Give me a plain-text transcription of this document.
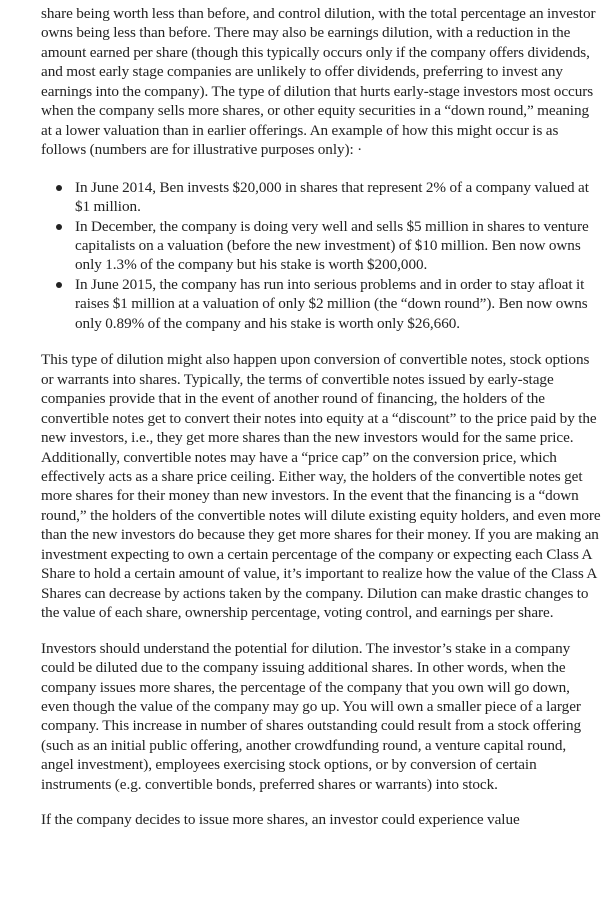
share being worth less than before, and control dilution, with the total percentage an investor owns being less than before. There may also be earnings dilution, with a reduction in the amount earned per share (though this typically occurs only if the company offers dividends, and most early stage companies are unlikely to offer dividends, preferring to invest any earnings into the company). The type of dilution that hurts early-stage investors most occurs when the company sells more shares, or other equity securities in a “down round,” meaning at a lower valuation than in earlier offerings. An example of how this might occur is as follows (numbers are for illustrative purposes only): ·

In June 2014, Ben invests $20,000 in shares that represent 2% of a company valued at $1 million.
In December, the company is doing very well and sells $5 million in shares to venture capitalists on a valuation (before the new investment) of $10 million. Ben now owns only 1.3% of the company but his stake is worth $200,000.
In June 2015, the company has run into serious problems and in order to stay afloat it raises $1 million at a valuation of only $2 million (the “down round”). Ben now owns only 0.89% of the company and his stake is worth only $26,660.

This type of dilution might also happen upon conversion of convertible notes, stock options or warrants into shares. Typically, the terms of convertible notes issued by early-stage companies provide that in the event of another round of financing, the holders of the convertible notes get to convert their notes into equity at a “discount” to the price paid by the new investors, i.e., they get more shares than the new investors would for the same price. Additionally, convertible notes may have a “price cap” on the conversion price, which effectively acts as a share price ceiling. Either way, the holders of the convertible notes get more shares for their money than new investors. In the event that the financing is a “down round,” the holders of the convertible notes will dilute existing equity holders, and even more than the new investors do because they get more shares for their money. If you are making an investment expecting to own a certain percentage of the company or expecting each Class A Share to hold a certain amount of value, it’s important to realize how the value of the Class A Shares can decrease by actions taken by the company. Dilution can make drastic changes to the value of each share, ownership percentage, voting control, and earnings per share.

Investors should understand the potential for dilution. The investor’s stake in a company could be diluted due to the company issuing additional shares. In other words, when the company issues more shares, the percentage of the company that you own will go down, even though the value of the company may go up. You will own a smaller piece of a larger company. This increase in number of shares outstanding could result from a stock offering (such as an initial public offering, another crowdfunding round, a venture capital round, angel investment), employees exercising stock options, or by conversion of certain instruments (e.g. convertible bonds, preferred shares or warrants) into stock.

If the company decides to issue more shares, an investor could experience value
